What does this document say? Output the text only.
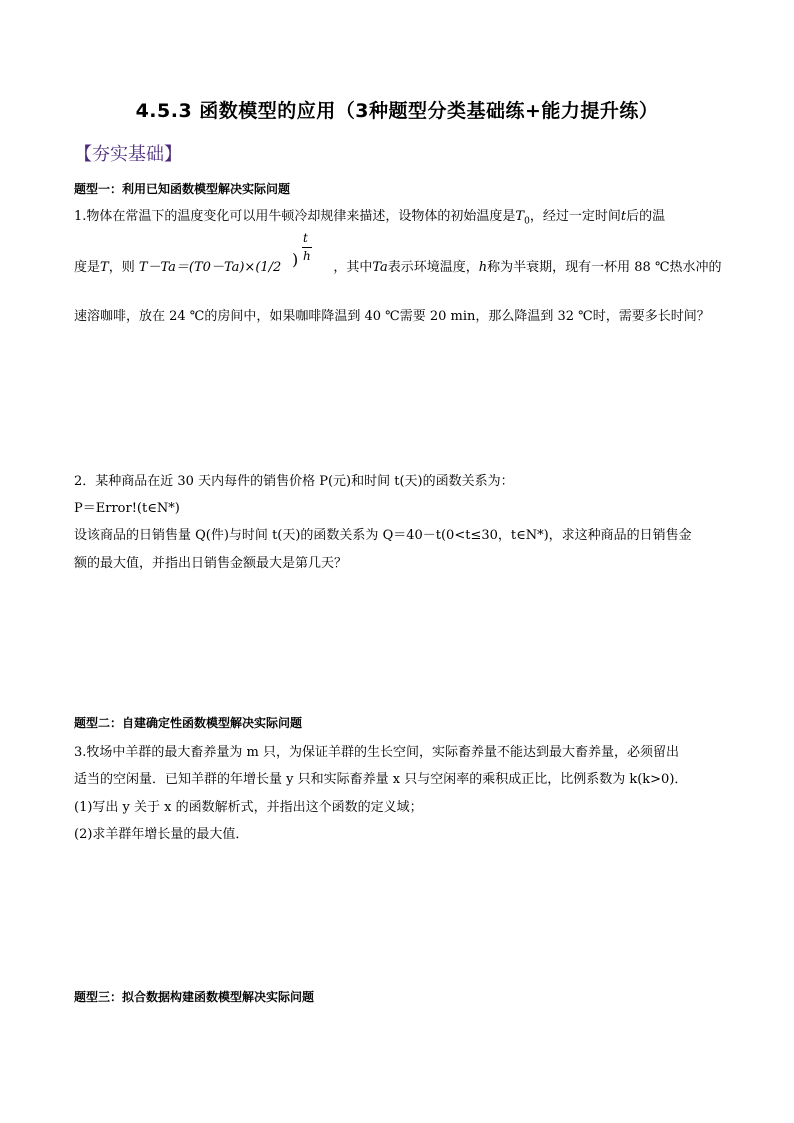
4.5.3 函数模型的应用（3种题型分类基础练+能力提升练）
【夯实基础】
题型一：利用已知函数模型解决实际问题
1.物体在常温下的温度变化可以用牛顿冷却规律来描述，设物体的初始温度是$T_0$，经过一定时间t后的温
度是T，则 T－Ta＝(T0－Ta)×(1/2	，其中Ta表示环境温度，h称为半衰期，现有一杯用 88 ℃热水冲的
)
t
h
速溶咖啡，放在 24 ℃的房间中，如果咖啡降温到 40 ℃需要 20 min，那么降温到 32 ℃时，需要多长时间？
2．某种商品在近 30 天内每件的销售价格 P(元)和时间 t(天)的函数关系为：
P＝Error!(t∈N*)
设该商品的日销售量 Q(件)与时间 t(天)的函数关系为 Q＝40－t(0<t≤30，t∈N*)，求这种商品的日销售金
额的最大值，并指出日销售金额最大是第几天？
题型二：自建确定性函数模型解决实际问题
3.牧场中羊群的最大畜养量为 m 只，为保证羊群的生长空间，实际畜养量不能达到最大畜养量，必须留出
适当的空闲量．已知羊群的年增长量 y 只和实际畜养量 x 只与空闲率的乘积成正比，比例系数为 k(k>0)．
(1)写出 y 关于 x 的函数解析式，并指出这个函数的定义域；
(2)求羊群年增长量的最大值．
题型三：拟合数据构建函数模型解决实际问题
